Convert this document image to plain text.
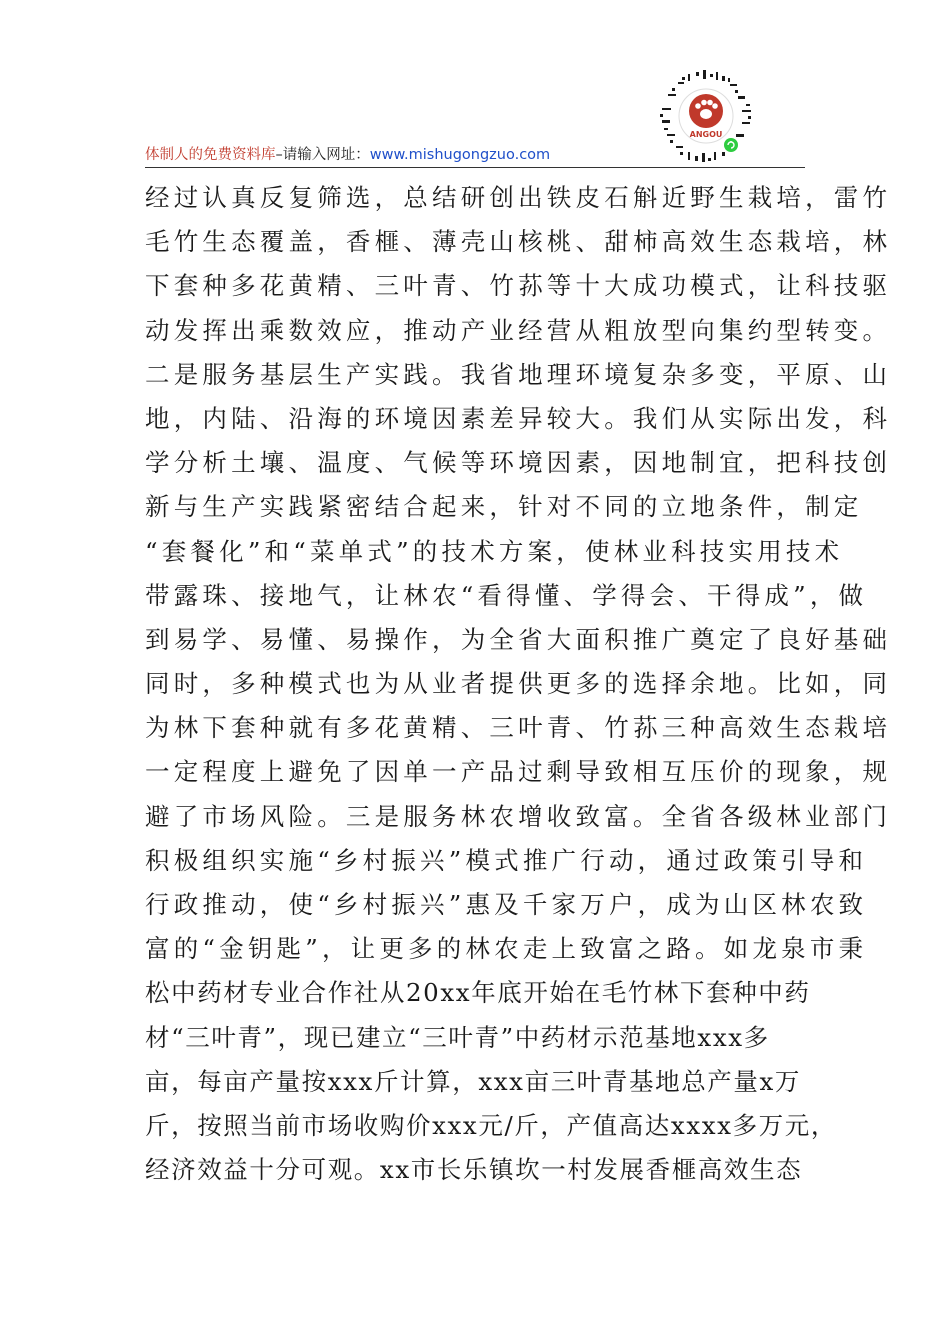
体制人的免费资料库–请输入网址：www.mishugongzuo.com
ANGOU
经过认真反复筛选，总结研创出铁皮石斛近野生栽培，雷竹
毛竹生态覆盖，香榧、薄壳山核桃、甜柿高效生态栽培，林
下套种多花黄精、三叶青、竹荪等十大成功模式，让科技驱
动发挥出乘数效应，推动产业经营从粗放型向集约型转变。
二是服务基层生产实践。我省地理环境复杂多变，平原、山
地，内陆、沿海的环境因素差异较大。我们从实际出发，科
学分析土壤、温度、气候等环境因素，因地制宜，把科技创
新与生产实践紧密结合起来，针对不同的立地条件，制定
“套餐化”和“菜单式”的技术方案，使林业科技实用技术
带露珠、接地气，让林农“看得懂、学得会、干得成”，做
到易学、易懂、易操作，为全省大面积推广奠定了良好基础
同时，多种模式也为从业者提供更多的选择余地。比如，同
为林下套种就有多花黄精、三叶青、竹荪三种高效生态栽培
一定程度上避免了因单一产品过剩导致相互压价的现象，规
避了市场风险。三是服务林农增收致富。全省各级林业部门
积极组织实施“乡村振兴”模式推广行动，通过政策引导和
行政推动，使“乡村振兴”惠及千家万户，成为山区林农致
富的“金钥匙”，让更多的林农走上致富之路。如龙泉市秉
松中药材专业合作社从20xx年底开始在毛竹林下套种中药
材“三叶青”，现已建立“三叶青”中药材示范基地xxx多
亩，每亩产量按xxx斤计算，xxx亩三叶青基地总产量x万
斤，按照当前市场收购价xxx元/斤，产值高达xxxx多万元，
经济效益十分可观。xx市长乐镇坎一村发展香榧高效生态
